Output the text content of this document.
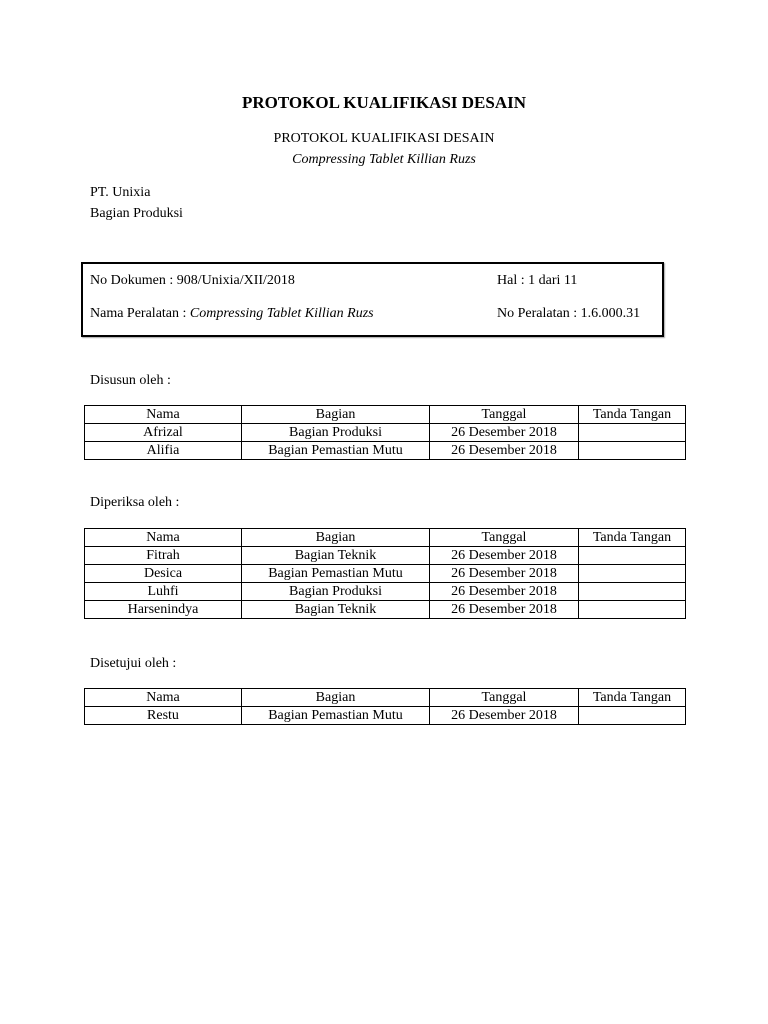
PROTOKOL KUALIFIKASI DESAIN
PROTOKOL KUALIFIKASI DESAIN
Compressing Tablet Killian Ruzs
PT. Unixia
Bagian Produksi
No Dokumen : 908/Unixia/XII/2018	Hal : 1 dari 11
Nama Peralatan : Compressing Tablet Killian Ruzs	No Peralatan : 1.6.000.31
Disusun oleh :
Nama	Bagian	Tanggal	Tanda Tangan
Afrizal	Bagian Produksi	26 Desember 2018	
Alifia	Bagian Pemastian Mutu	26 Desember 2018	
Diperiksa oleh :
Nama	Bagian	Tanggal	Tanda Tangan
Fitrah	Bagian Teknik	26 Desember 2018	
Desica	Bagian Pemastian Mutu	26 Desember 2018	
Luhfi	Bagian Produksi	26 Desember 2018	
Harsenindya	Bagian Teknik	26 Desember 2018	
Disetujui oleh :
Nama	Bagian	Tanggal	Tanda Tangan
Restu	Bagian Pemastian Mutu	26 Desember 2018	
